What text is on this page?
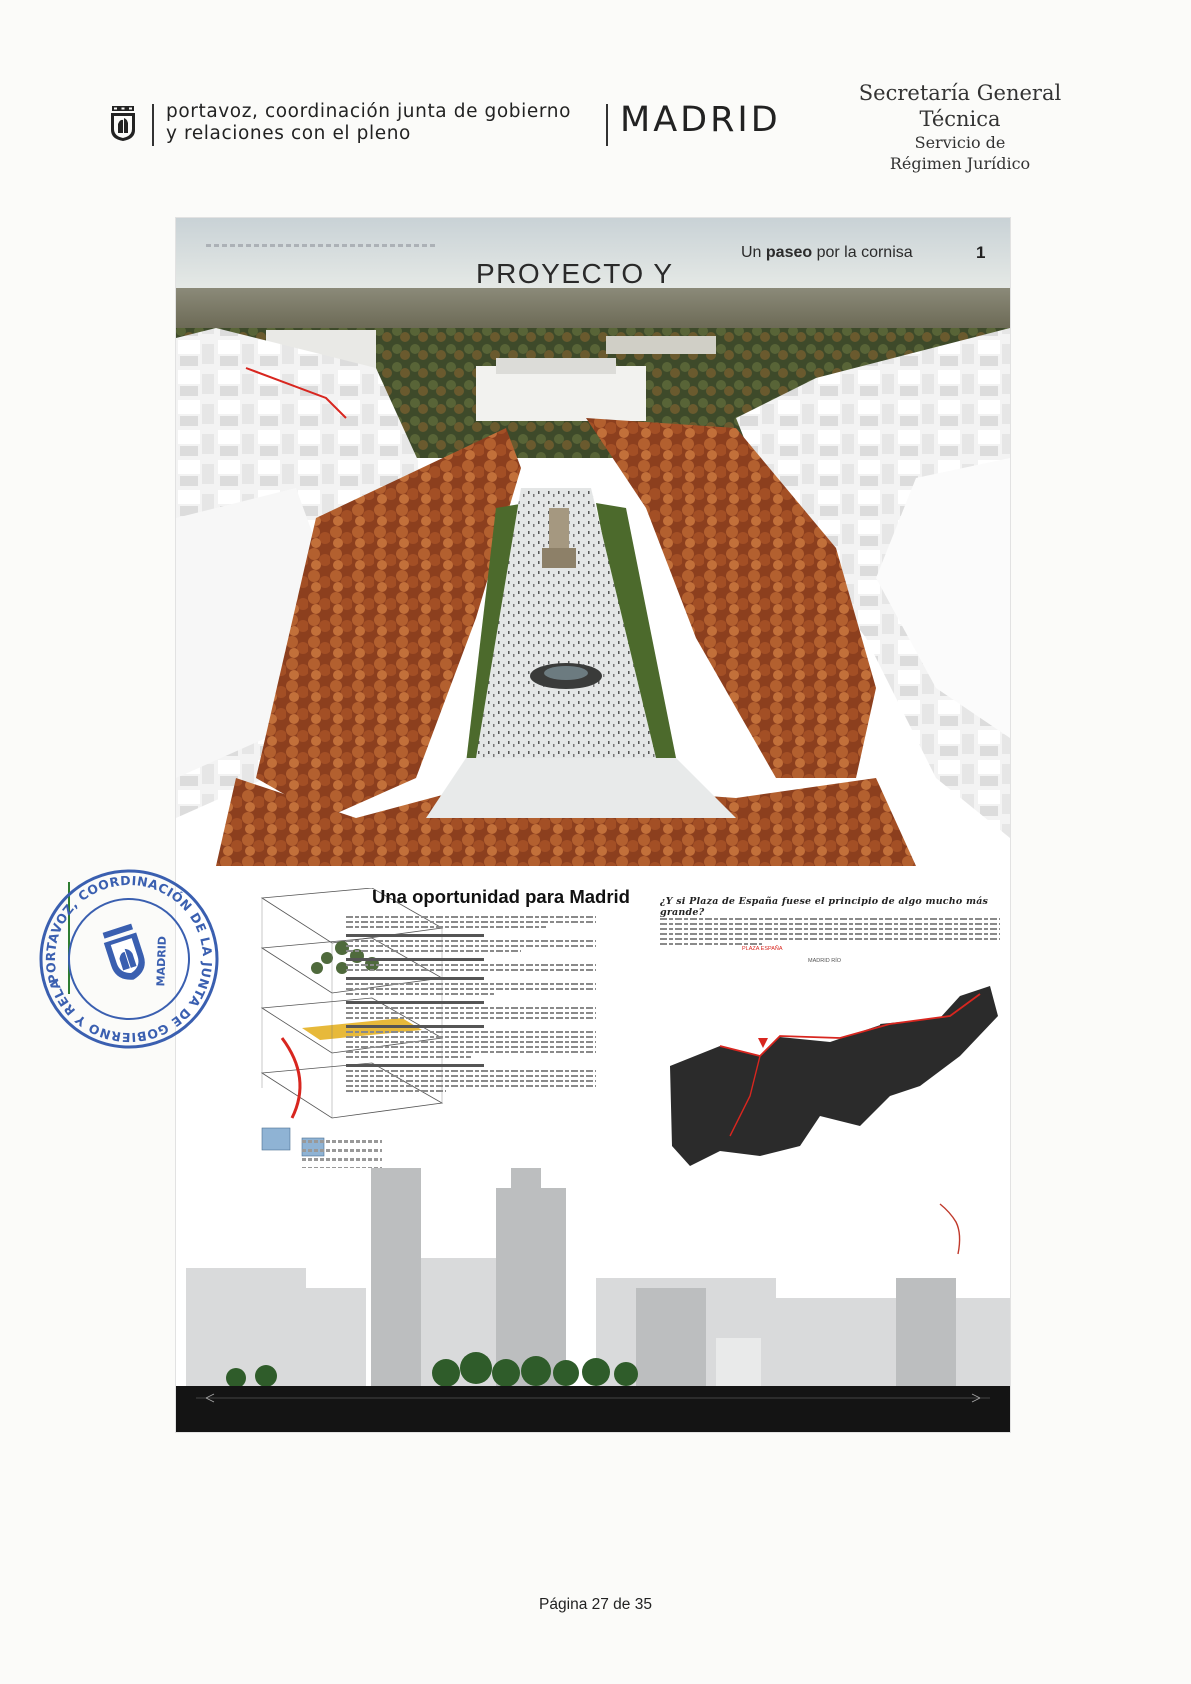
portavoz, coordinación junta de gobierno
y relaciones con el pleno	MADRID
Secretaría General
Técnica
Servicio de
Régimen Jurídico
PROYECTO Y
Un paseo por la cornisa	1
Una oportunidad para Madrid	¿Y si Plaza de España fuese el principio de algo mucho más grande?
PLAZA ESPAÑA
MADRID RÍO
PORTAVOZ, COORDINACIÓN DE LA JUNTA DE GOBIERNO Y RELACIONES
MADRID
Página 27 de 35
